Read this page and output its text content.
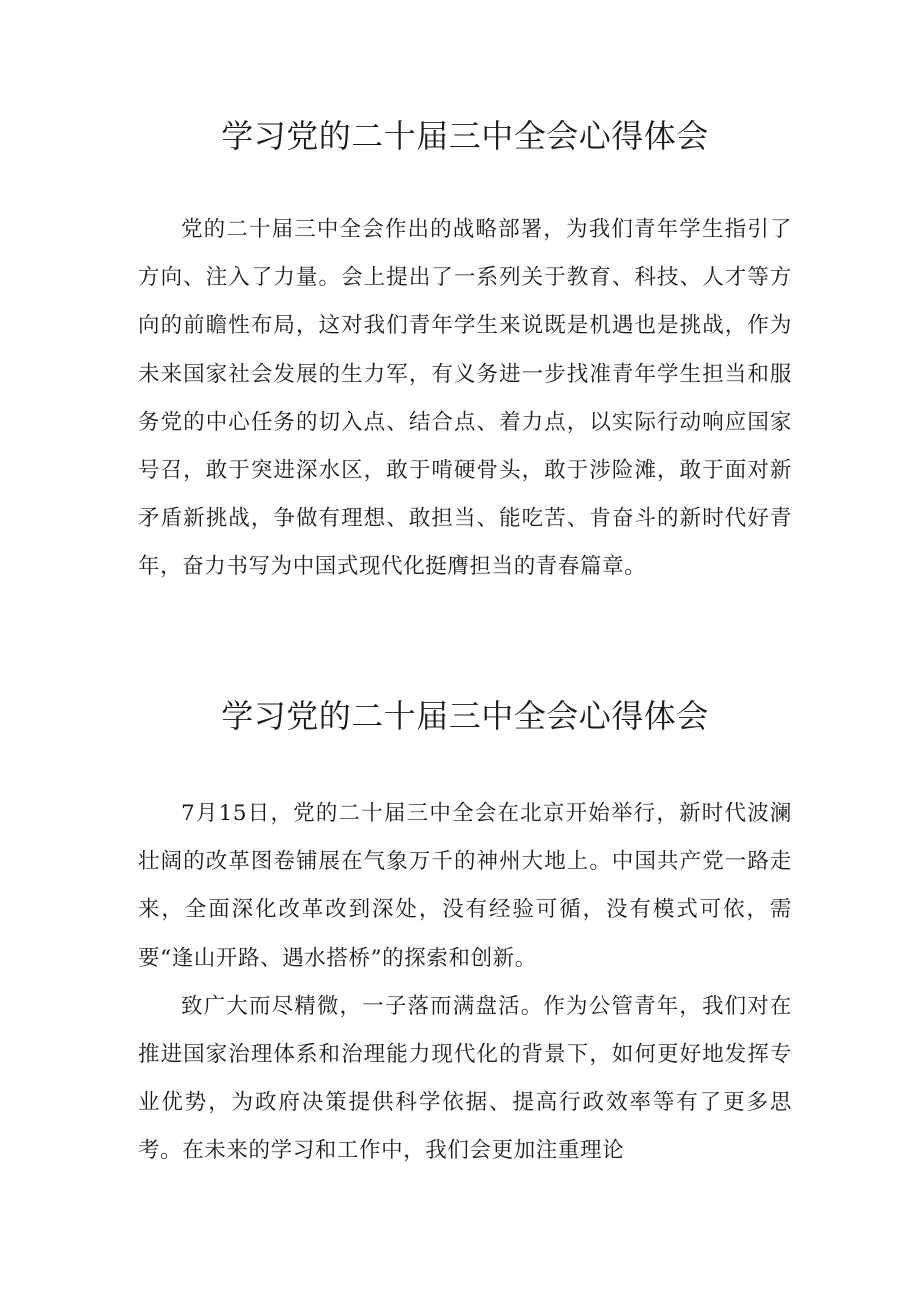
学习党的二十届三中全会心得体会

党的二十届三中全会作出的战略部署，为我们青年学生指引了方向、注入了力量。会上提出了一系列关于教育、科技、人才等方向的前瞻性布局，这对我们青年学生来说既是机遇也是挑战，作为未来国家社会发展的生力军，有义务进一步找准青年学生担当和服务党的中心任务的切入点、结合点、着力点，以实际行动响应国家号召，敢于突进深水区，敢于啃硬骨头，敢于涉险滩，敢于面对新矛盾新挑战，争做有理想、敢担当、能吃苦、肯奋斗的新时代好青年，奋力书写为中国式现代化挺膺担当的青春篇章。

学习党的二十届三中全会心得体会

7月15日，党的二十届三中全会在北京开始举行，新时代波澜壮阔的改革图卷铺展在气象万千的神州大地上。中国共产党一路走来，全面深化改革改到深处，没有经验可循，没有模式可依，需要“逢山开路、遇水搭桥”的探索和创新。

致广大而尽精微，一子落而满盘活。作为公管青年，我们对在推进国家治理体系和治理能力现代化的背景下，如何更好地发挥专业优势，为政府决策提供科学依据、提高行政效率等有了更多思考。在未来的学习和工作中，我们会更加注重理论
